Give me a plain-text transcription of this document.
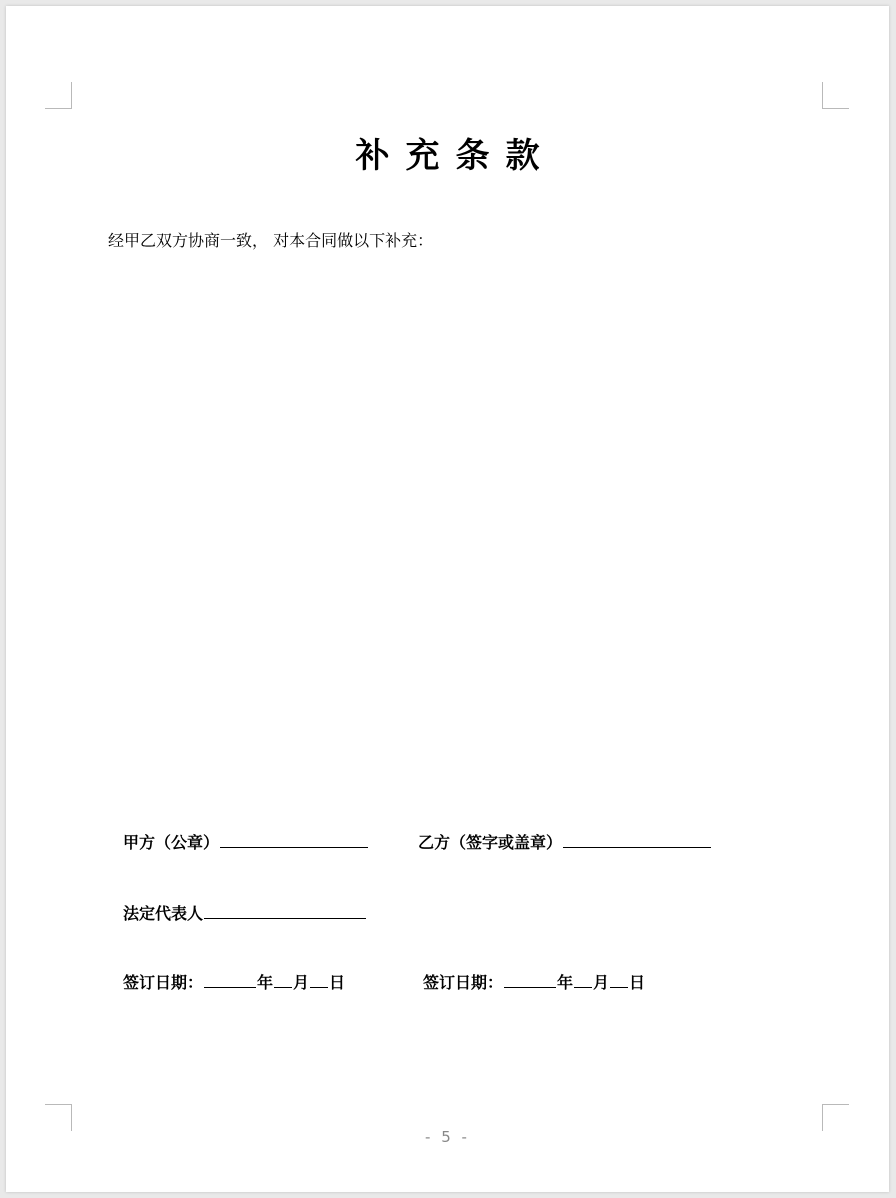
补充条款
经甲乙双方协商一致， 对本合同做以下补充：
甲方（公章）	乙方（签字或盖章）
法定代表人
签订日期：	年 月 日	签订日期：	年 月 日
- 5 -
